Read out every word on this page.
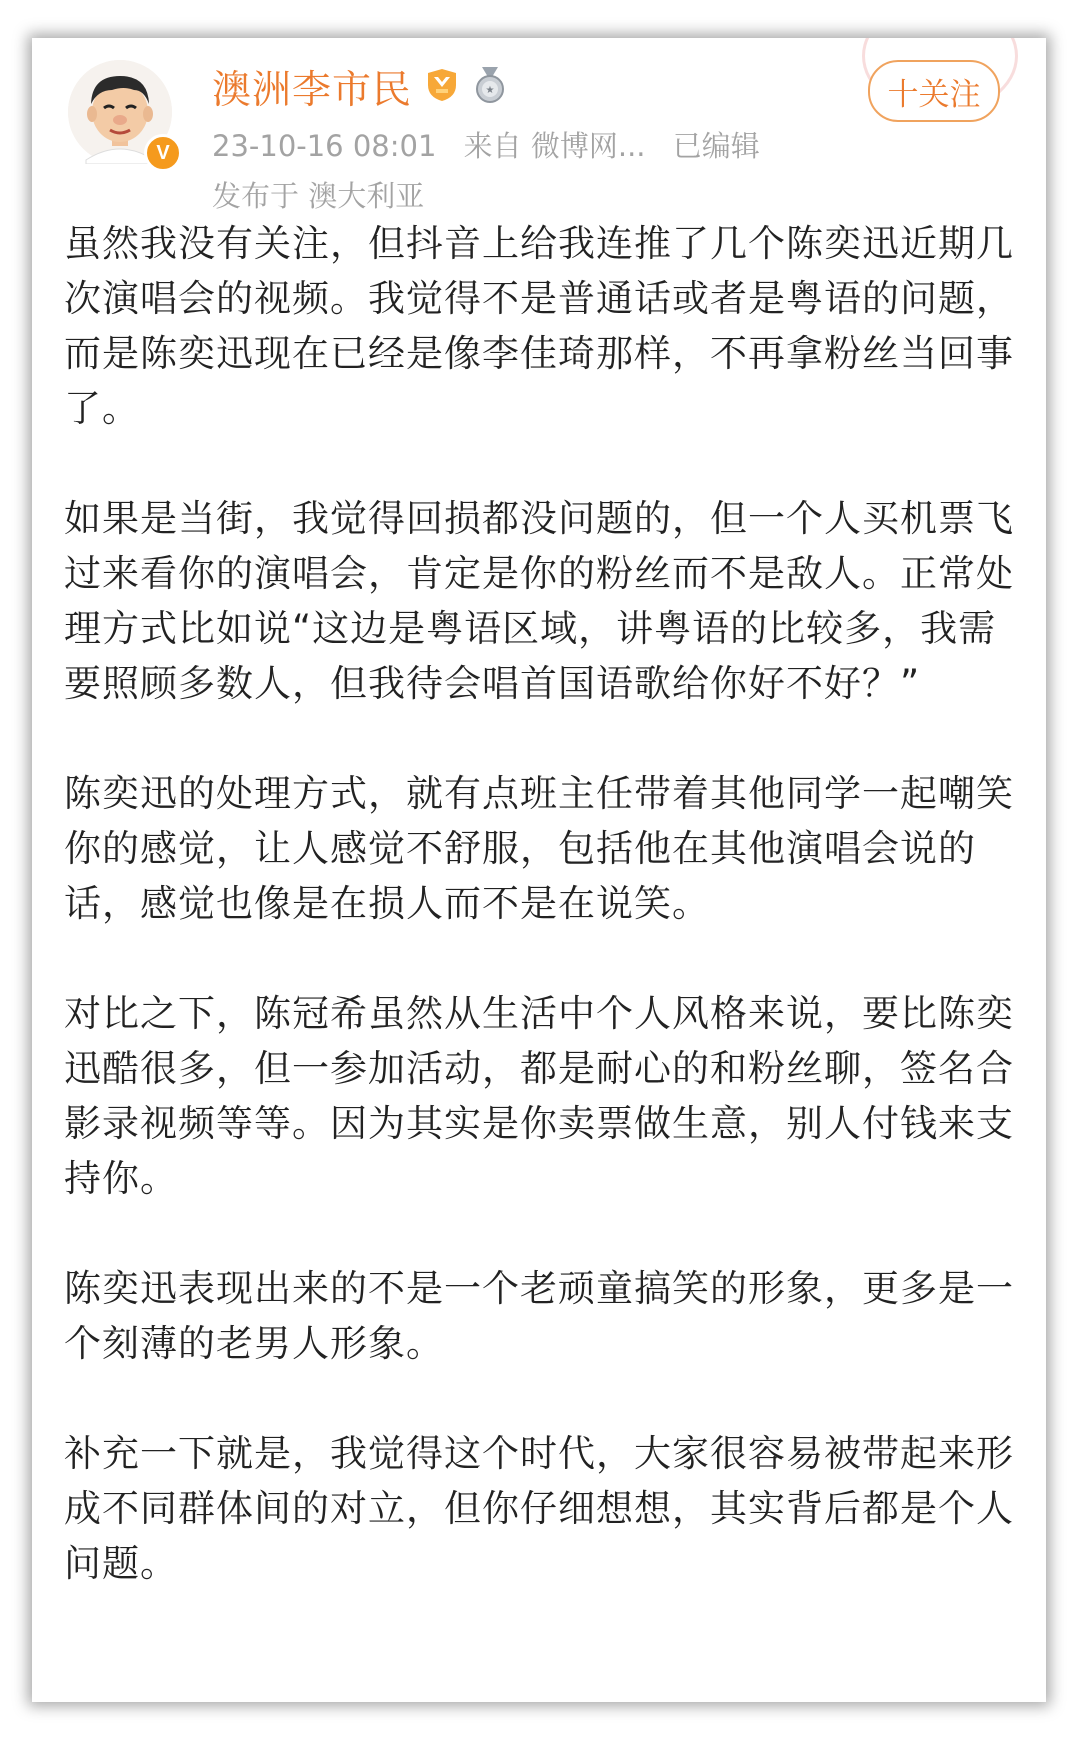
V
澳洲李市民	★
23-10-16 08:01 来自 微博网... 已编辑
发布于 澳大利亚
十关注

虽然我没有关注，但抖音上给我连推了几个陈奕迅近期几次演唱会的视频。我觉得不是普通话或者是粤语的问题，而是陈奕迅现在已经是像李佳琦那样，不再拿粉丝当回事了。

如果是当街，我觉得回损都没问题的，但一个人买机票飞过来看你的演唱会，肯定是你的粉丝而不是敌人。正常处理方式比如说“这边是粤语区域，讲粤语的比较多，我需要照顾多数人，但我待会唱首国语歌给你好不好？”

陈奕迅的处理方式，就有点班主任带着其他同学一起嘲笑你的感觉，让人感觉不舒服，包括他在其他演唱会说的话，感觉也像是在损人而不是在说笑。

对比之下，陈冠希虽然从生活中个人风格来说，要比陈奕迅酷很多，但一参加活动，都是耐心的和粉丝聊，签名合影录视频等等。因为其实是你卖票做生意，别人付钱来支持你。

陈奕迅表现出来的不是一个老顽童搞笑的形象，更多是一个刻薄的老男人形象。

补充一下就是，我觉得这个时代，大家很容易被带起来形成不同群体间的对立，但你仔细想想，其实背后都是个人问题。
